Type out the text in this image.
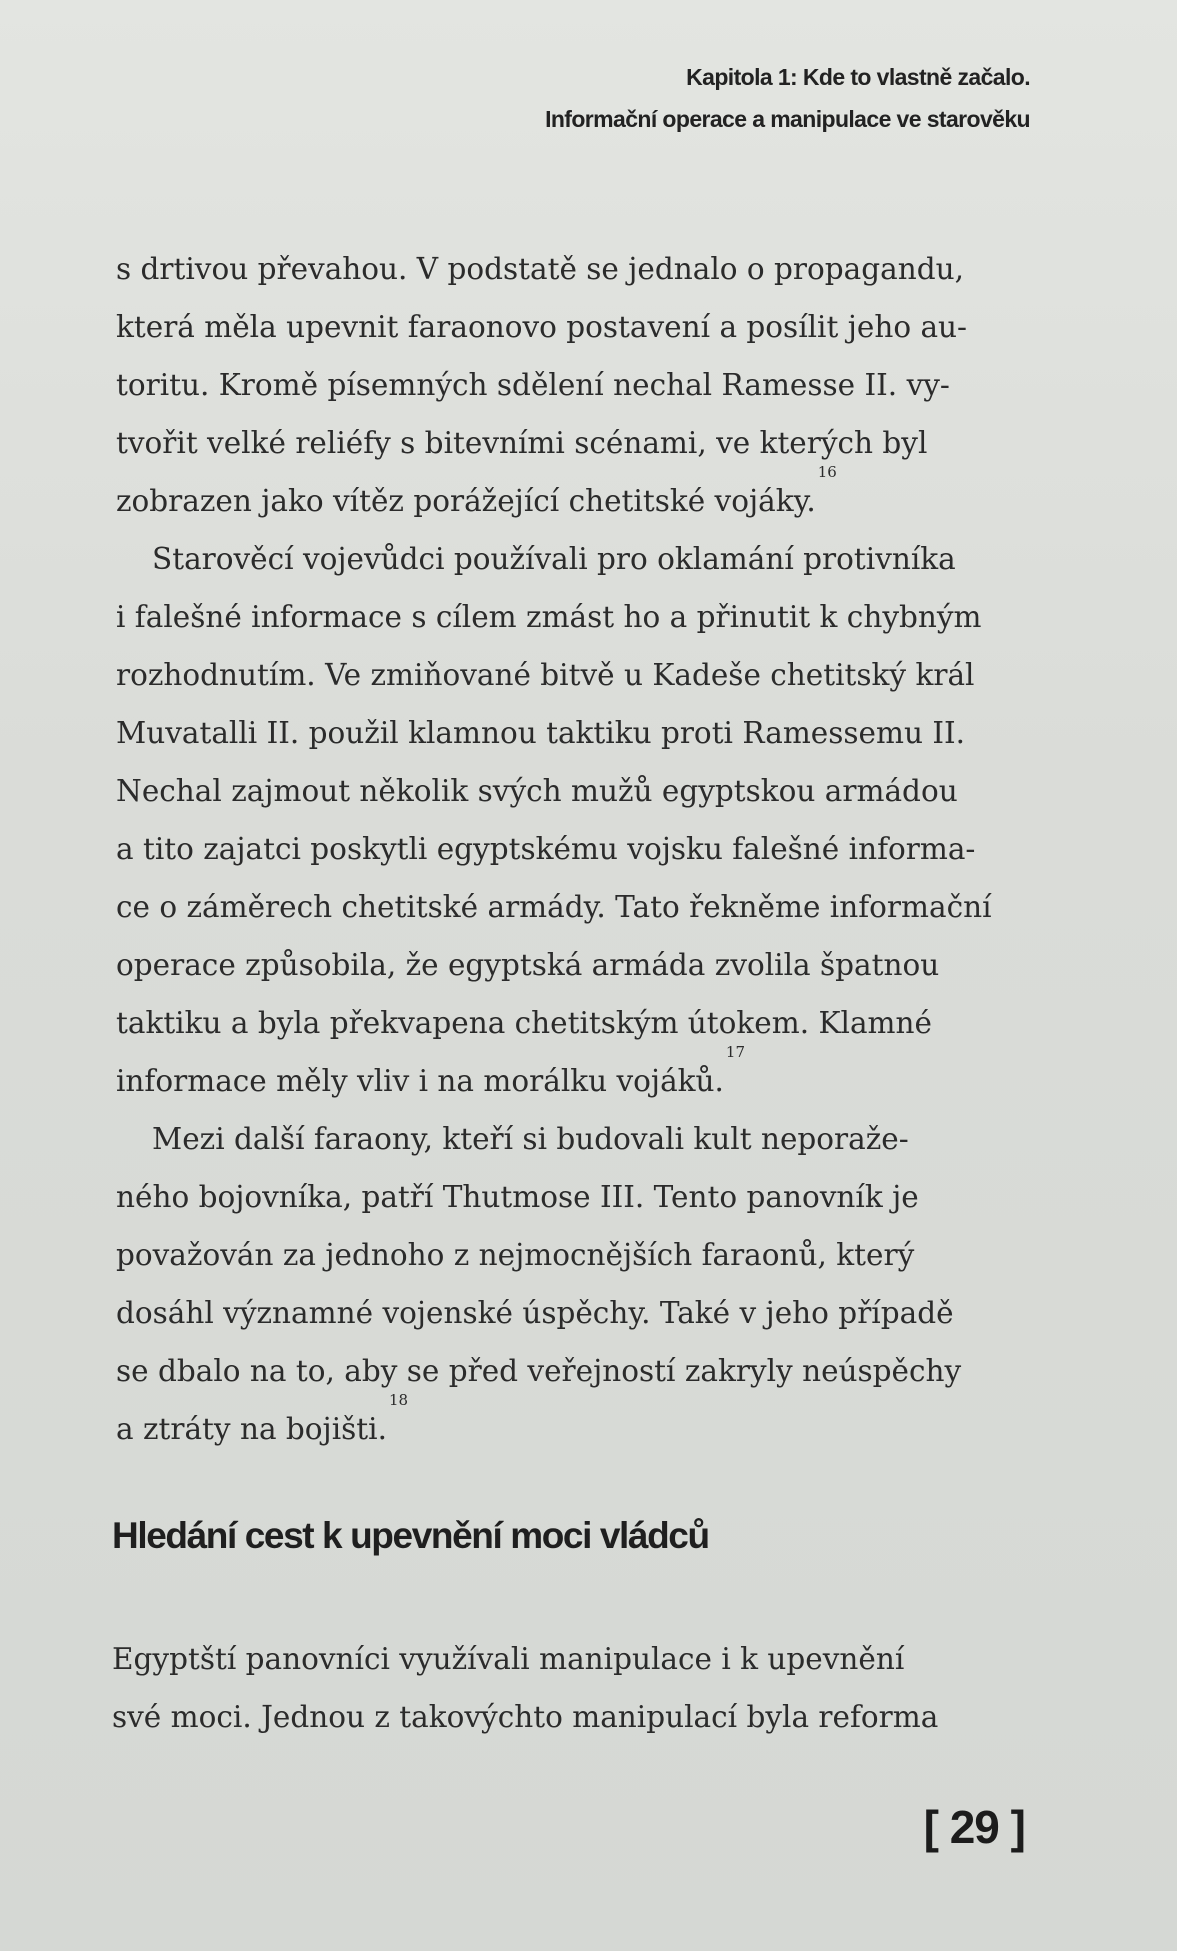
Kapitola 1: Kde to vlastně začalo.
Informační operace a manipulace ve starověku
s drtivou převahou. V podstatě se jednalo o propagandu,
která měla upevnit faraonovo postavení a posílit jeho au-
toritu. Kromě písemných sdělení nechal Ramesse II. vy-
tvořit velké reliéfy s bitevními scénami, ve kterých byl
zobrazen jako vítěz porážející chetitské vojáky.
16
Starověcí vojevůdci používali pro oklamání protivníka
i falešné informace s cílem zmást ho a přinutit k chybným
rozhodnutím. Ve zmiňované bitvě u Kadeše chetitský král
Muvatalli II. použil klamnou taktiku proti Ramessemu II.
Nechal zajmout několik svých mužů egyptskou armádou
a tito zajatci poskytli egyptskému vojsku falešné informa-
ce o záměrech chetitské armády. Tato řekněme informační
operace způsobila, že egyptská armáda zvolila špatnou
taktiku a byla překvapena chetitským útokem. Klamné
informace měly vliv i na morálku vojáků.
17
Mezi další faraony, kteří si budovali kult neporaže-
ného bojovníka, patří Thutmose III. Tento panovník je
považován za jednoho z nejmocnějších faraonů, který
dosáhl významné vojenské úspěchy. Také v jeho případě
se dbalo na to, aby se před veřejností zakryly neúspěchy
a ztráty na bojišti.
18
Hledání cest k upevnění moci vládců
Egyptští panovníci využívali manipulace i k upevnění
své moci. Jednou z takovýchto manipulací byla reforma
[ 29 ]
